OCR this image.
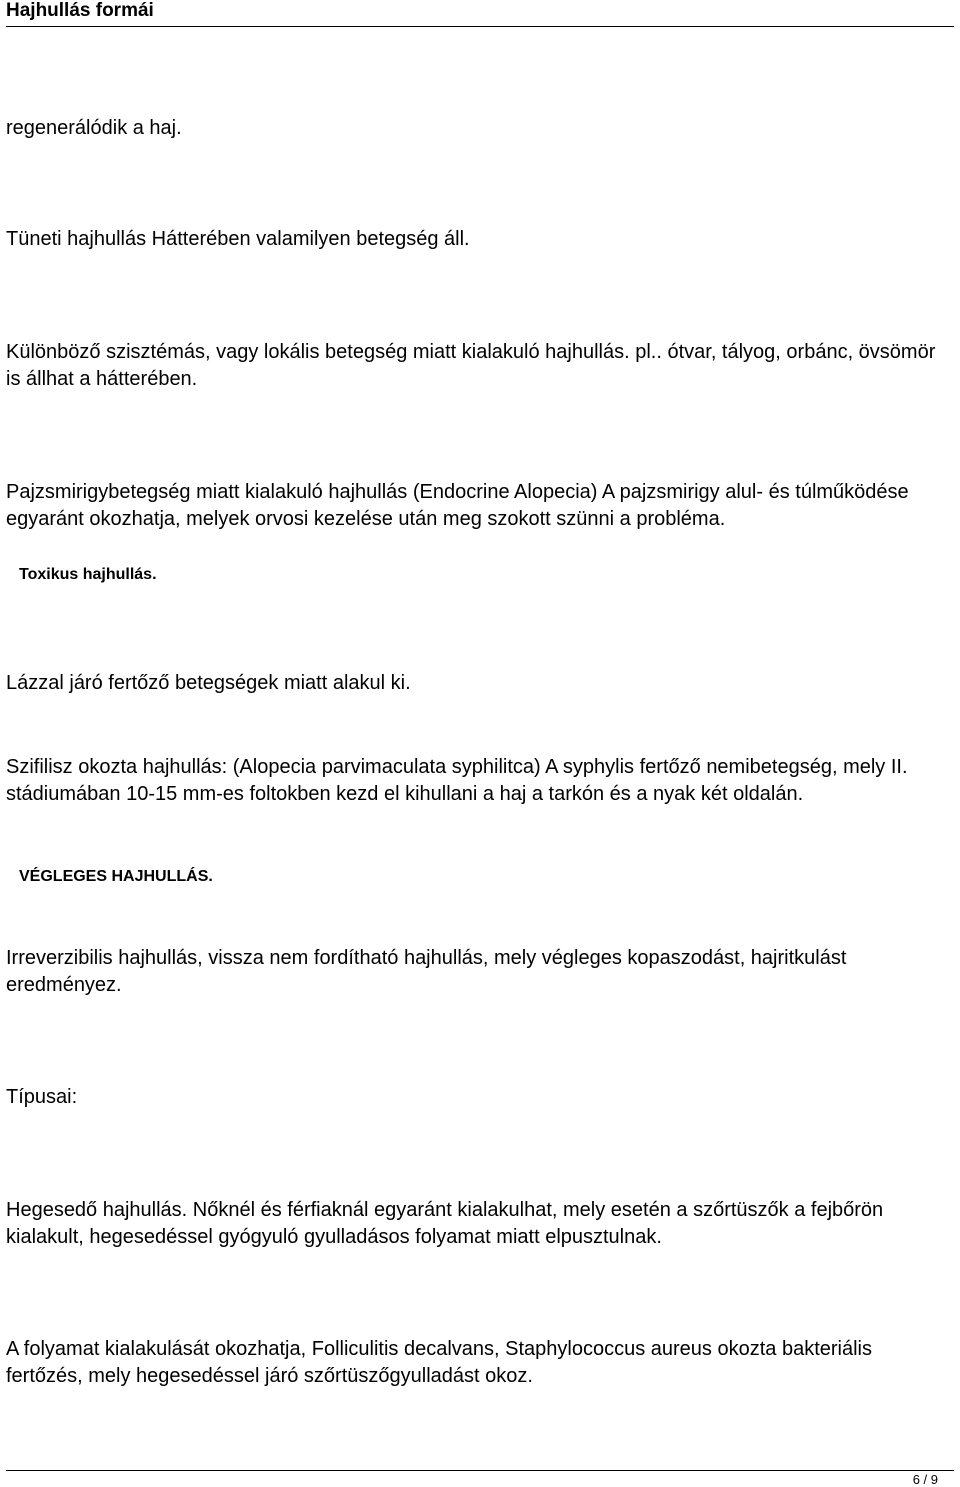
Hajhullás formái

regenerálódik a haj.

Tüneti hajhullás Hátterében valamilyen betegség áll.

Különböző szisztémás, vagy lokális betegség miatt kialakuló hajhullás. pl.. ótvar, tályog, orbánc, övsömör is állhat a hátterében.

Pajzsmirigybetegség miatt kialakuló hajhullás (Endocrine Alopecia) A pajzsmirigy alul- és túlműködése egyaránt okozhatja, melyek orvosi kezelése után meg szokott szünni a probléma.

Toxikus hajhullás.

Lázzal járó fertőző betegségek miatt alakul ki.

Szifilisz okozta hajhullás: (Alopecia parvimaculata syphilitca) A syphylis fertőző nemibetegség, mely II. stádiumában 10-15 mm-es foltokben kezd el kihullani a haj a tarkón és a nyak két oldalán.

VÉGLEGES HAJHULLÁS.

Irreverzibilis hajhullás, vissza nem fordítható hajhullás, mely végleges kopaszodást, hajritkulást eredményez.

Típusai:

Hegesedő hajhullás. Nőknél és férfiaknál egyaránt kialakulhat, mely esetén a szőrtüszők a fejbőrön kialakult, hegesedéssel gyógyuló gyulladásos folyamat miatt elpusztulnak.

A folyamat kialakulását okozhatja, Folliculitis decalvans, Staphylococcus aureus okozta bakteriális fertőzés, mely hegesedéssel járó szőrtüszőgyulladást okoz.

6 / 9
